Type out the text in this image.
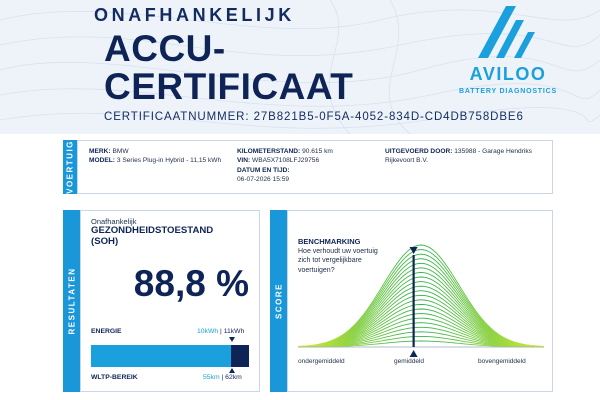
ONAFHANKELIJK
ACCU-
CERTIFICAAT
CERTIFICAATNUMMER: 27B821B5-0F5A-4052-834D-CD4DB758DBE6
AVILOO
BATTERY DIAGNOSTICS
VOERTUIG MERK: BMW
MODEL: 3 Series Plug-in Hybrid - 11,15 kWh
KILOMETERSTAND: 90.615 km
VIN: WBA5X7108LFJ29756
DATUM EN TIJD:
06-07-2026 15:59
UITGEVOERD DOOR: 135988 - Garage Hendriks Rijkevoort B.V.
RESULTATEN
Onafhankelijk
GEZONDHEIDSTOESTAND (SOH)
88,8 %
ENERGIE	10kWh | 11kWh
WLTP-BEREIK	55km | 62km
SCORE
BENCHMARKING
Hoe verhoudt uw voertuig zich tot vergelijkbare voertuigen?
ondergemiddeld	gemiddeld	bovengemiddeld
